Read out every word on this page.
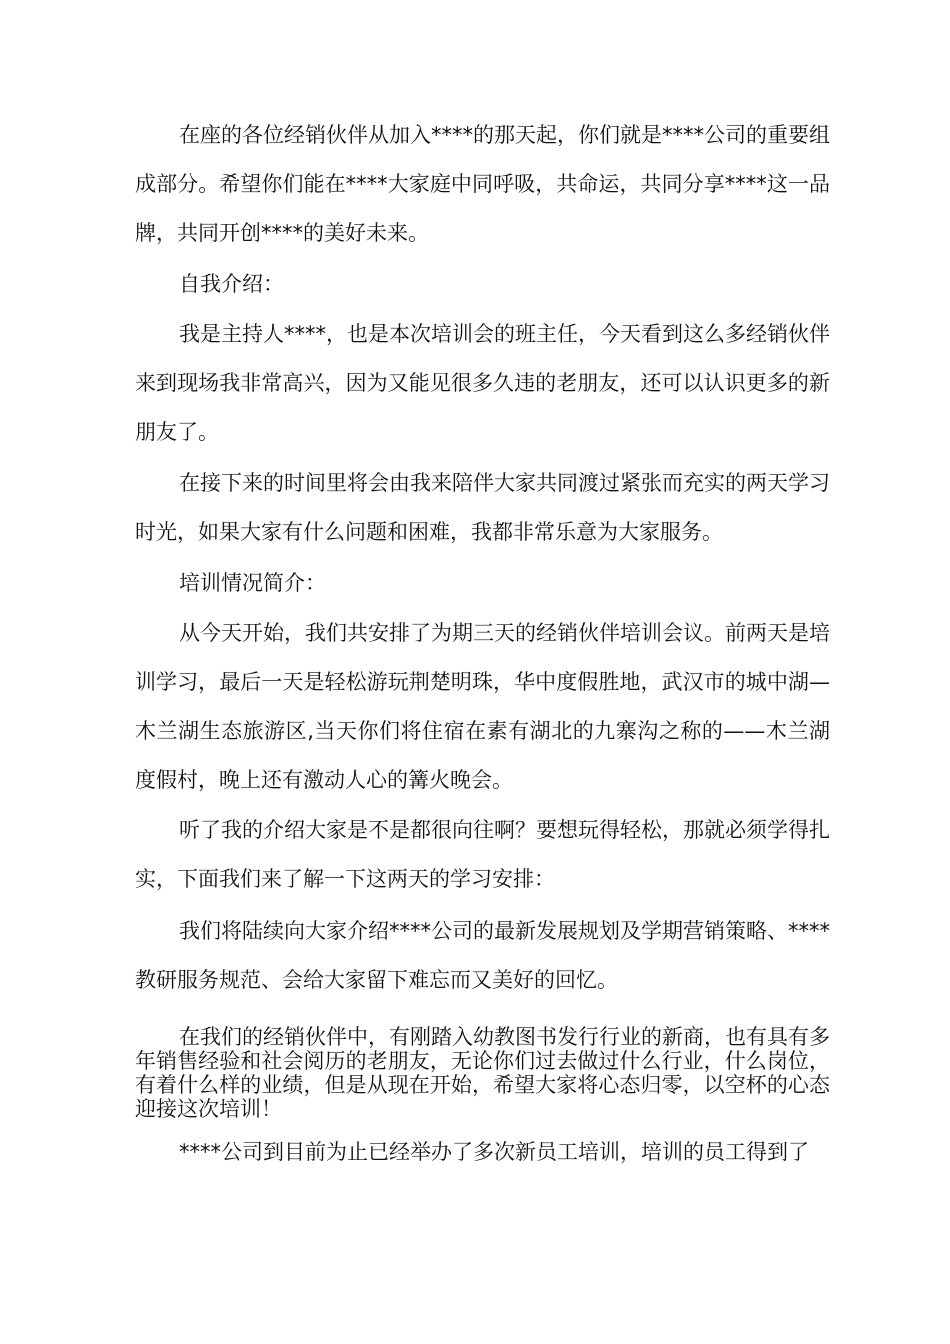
在座的各位经销伙伴从加入****的那天起，你们就是****公司的重要组成部分。希望你们能在****大家庭中同呼吸，共命运，共同分享****这一品牌，共同开创****的美好未来。

自我介绍：

我是主持人****，也是本次培训会的班主任，今天看到这么多经销伙伴来到现场我非常高兴，因为又能见很多久违的老朋友，还可以认识更多的新朋友了。

在接下来的时间里将会由我来陪伴大家共同渡过紧张而充实的两天学习时光，如果大家有什么问题和困难，我都非常乐意为大家服务。

培训情况简介：

从今天开始，我们共安排了为期三天的经销伙伴培训会议。前两天是培训学习，最后一天是轻松游玩荆楚明珠，华中度假胜地，武汉市的城中湖—木兰湖生态旅游区,当天你们将住宿在素有湖北的九寨沟之称的——木兰湖度假村，晚上还有激动人心的篝火晚会。

听了我的介绍大家是不是都很向往啊？要想玩得轻松，那就必须学得扎实，下面我们来了解一下这两天的学习安排：

我们将陆续向大家介绍****公司的最新发展规划及学期营销策略、****教研服务规范、会给大家留下难忘而又美好的回忆。

在我们的经销伙伴中，有刚踏入幼教图书发行行业的新商，也有具有多年销售经验和社会阅历的老朋友，无论你们过去做过什么行业，什么岗位，有着什么样的业绩，但是从现在开始，希望大家将心态归零，以空杯的心态迎接这次培训！

****公司到目前为止已经举办了多次新员工培训，培训的员工得到了
